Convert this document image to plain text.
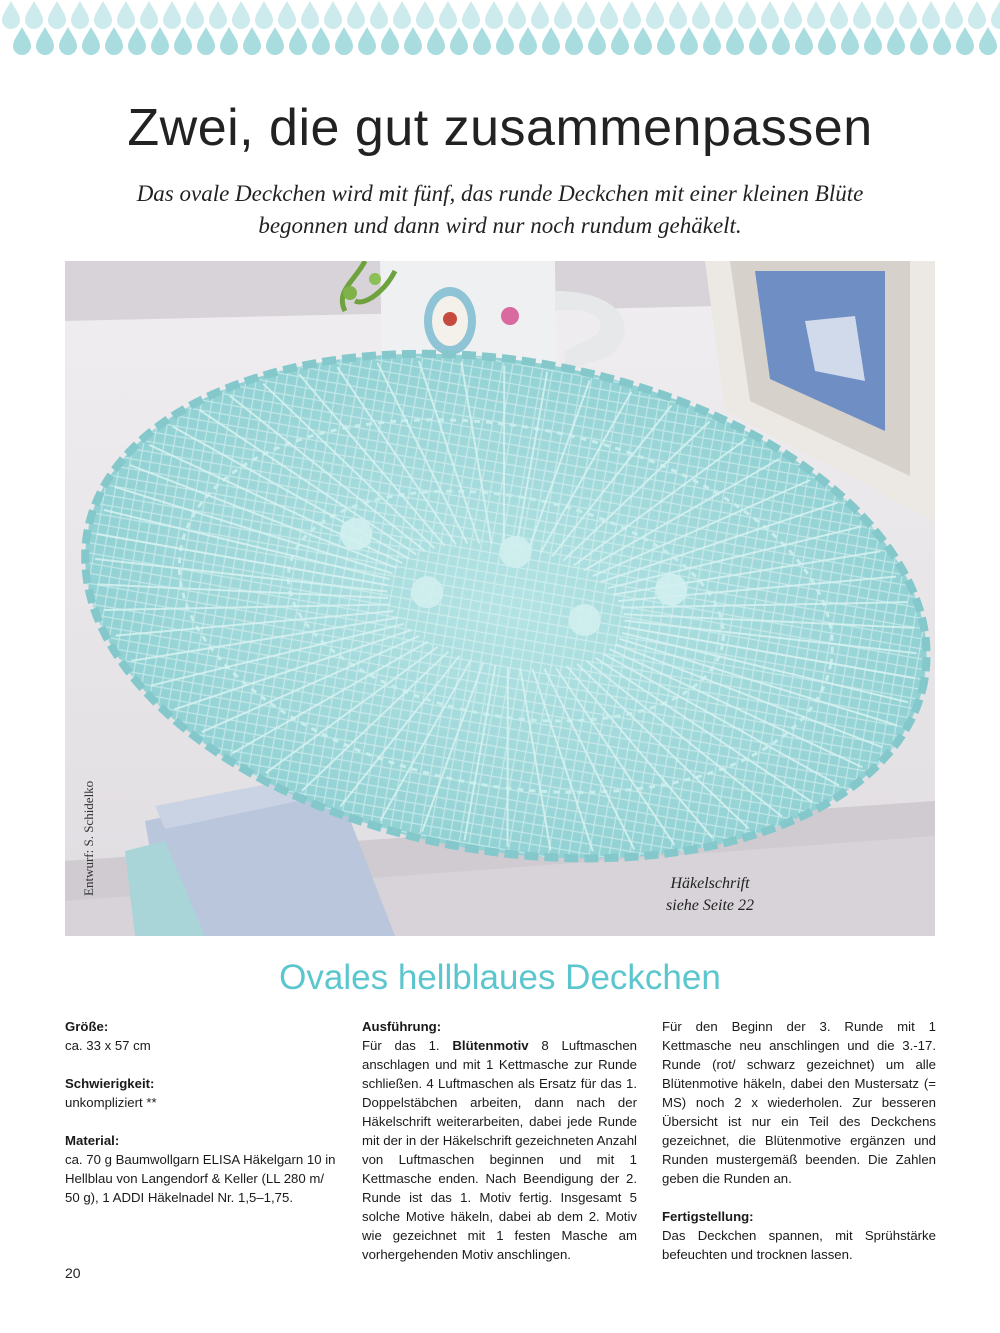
Zwei, die gut zusammenpassen
Das ovale Deckchen wird mit fünf, das runde Deckchen mit einer kleinen Blüte
begonnen und dann wird nur noch rundum gehäkelt.
Entwurf: S. Schidelko	Häkelschrift
siehe Seite 22
Ovales hellblaues Deckchen
Größe:

ca. 33 x 57 cm

Schwierigkeit:

unkompliziert **

Material:

ca. 70 g Baumwollgarn ELISA Häkelgarn 10 in Hellblau von Langendorf & Keller (LL 280 m/ 50 g), 1 ADDI Häkelnadel Nr. 1,5–1,75.

Ausführung:

Für das 1. Blütenmotiv 8 Luftmaschen anschlagen und mit 1 Kettmasche zur Runde schließen. 4 Luftmaschen als Ersatz für das 1. Doppelstäbchen arbeiten, dann nach der Häkelschrift weiterarbeiten, dabei jede Runde mit der in der Häkelschrift gezeichneten Anzahl von Luftmaschen beginnen und mit 1 Kettmasche enden. Nach Beendigung der 2. Runde ist das 1. Motiv fertig. Insgesamt 5 solche Motive häkeln, dabei ab dem 2. Motiv wie gezeichnet mit 1 festen Masche am vorhergehenden Motiv anschlingen.

Für den Beginn der 3. Runde mit 1 Kettmasche neu anschlingen und die 3.-17. Runde (rot/ schwarz gezeichnet) um alle Blütenmotive häkeln, dabei den Mustersatz (= MS) noch 2 x wiederholen. Zur besseren Übersicht ist nur ein Teil des Deckchens gezeichnet, die Blütenmotive ergänzen und Runden mustergemäß beenden. Die Zahlen geben die Runden an.

Fertigstellung:

Das Deckchen spannen, mit Sprühstärke befeuchten und trocknen lassen.

20
